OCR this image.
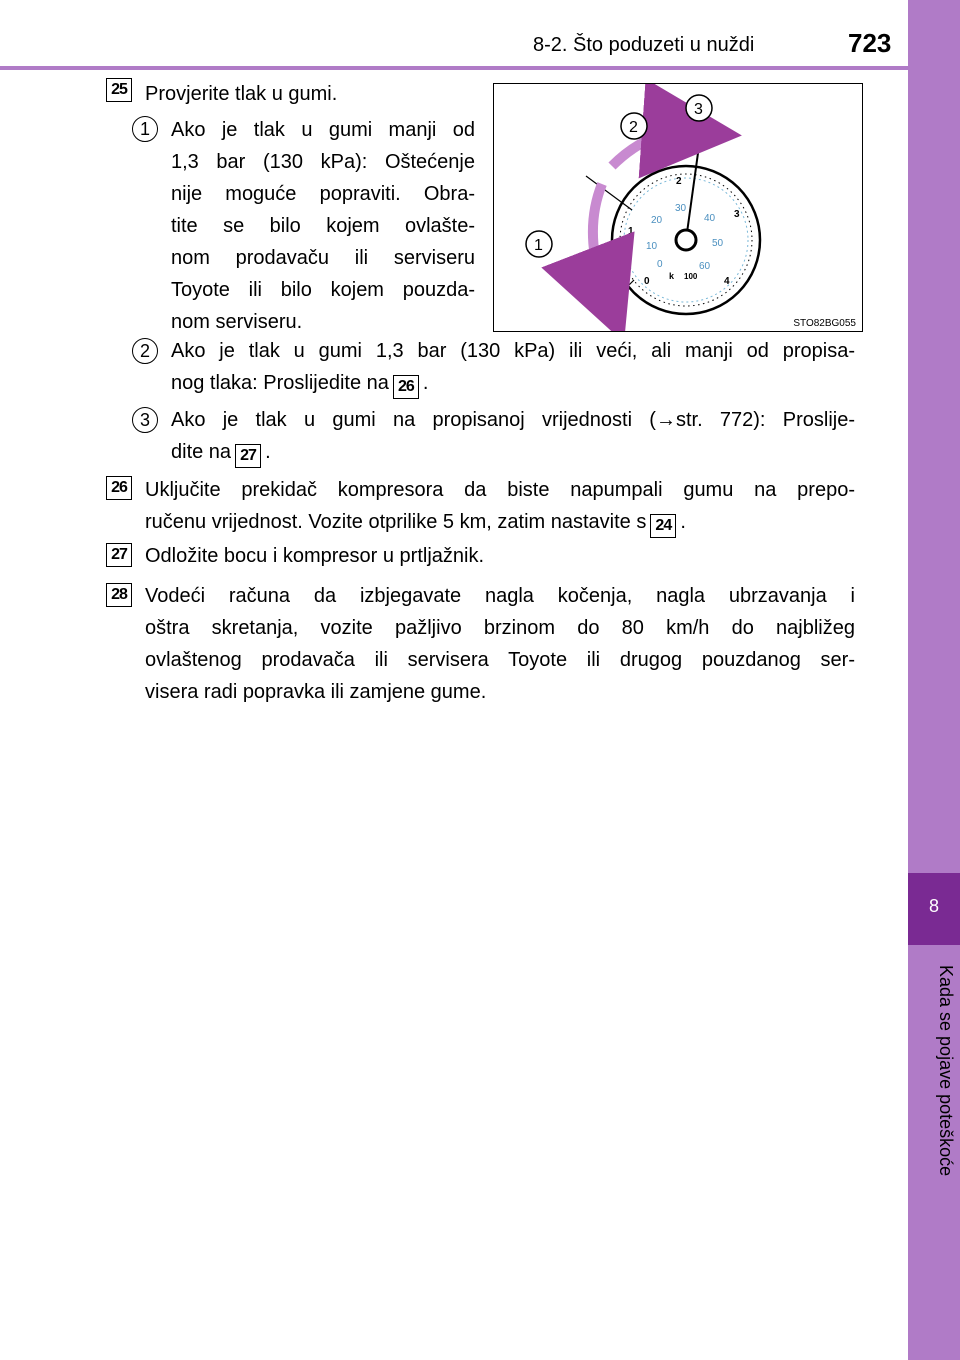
8-2. Što poduzeti u nuždi	723
8
Kada se pojave poteškoće
25 Provjerite tlak u gumi.
1	Ako je tlak u gumi manji od
1,3 bar (130 kPa): Oštećenje
nije moguće popraviti. Obra-
tite se bilo kojem ovlašte-
nom prodavaču ili serviseru
Toyote ili bilo kojem pouzda-
nom serviseru.
0
1
2
3
4
0
10
20
30
40
50
60
k 100
1
2
3
STO82BG055
2	Ako je tlak u gumi 1,3 bar (130 kPa) ili veći, ali manji od propisa-
nog tlaka: Proslijedite na 26 .
3	Ako je tlak u gumi na propisanoj vrijednosti (→str. 772): Proslije-
dite na 27 .
26 Uključite prekidač kompresora da biste napumpali gumu na prepo-
ručenu vrijednost. Vozite otprilike 5 km, zatim nastavite s 24 .
27 Odložite bocu i kompresor u prtljažnik.
28 Vodeći računa da izbjegavate nagla kočenja, nagla ubrzavanja i
oštra skretanja, vozite pažljivo brzinom do 80 km/h do najbližeg
ovlaštenog prodavača ili servisera Toyote ili drugog pouzdanog ser-
visera radi popravka ili zamjene gume.
